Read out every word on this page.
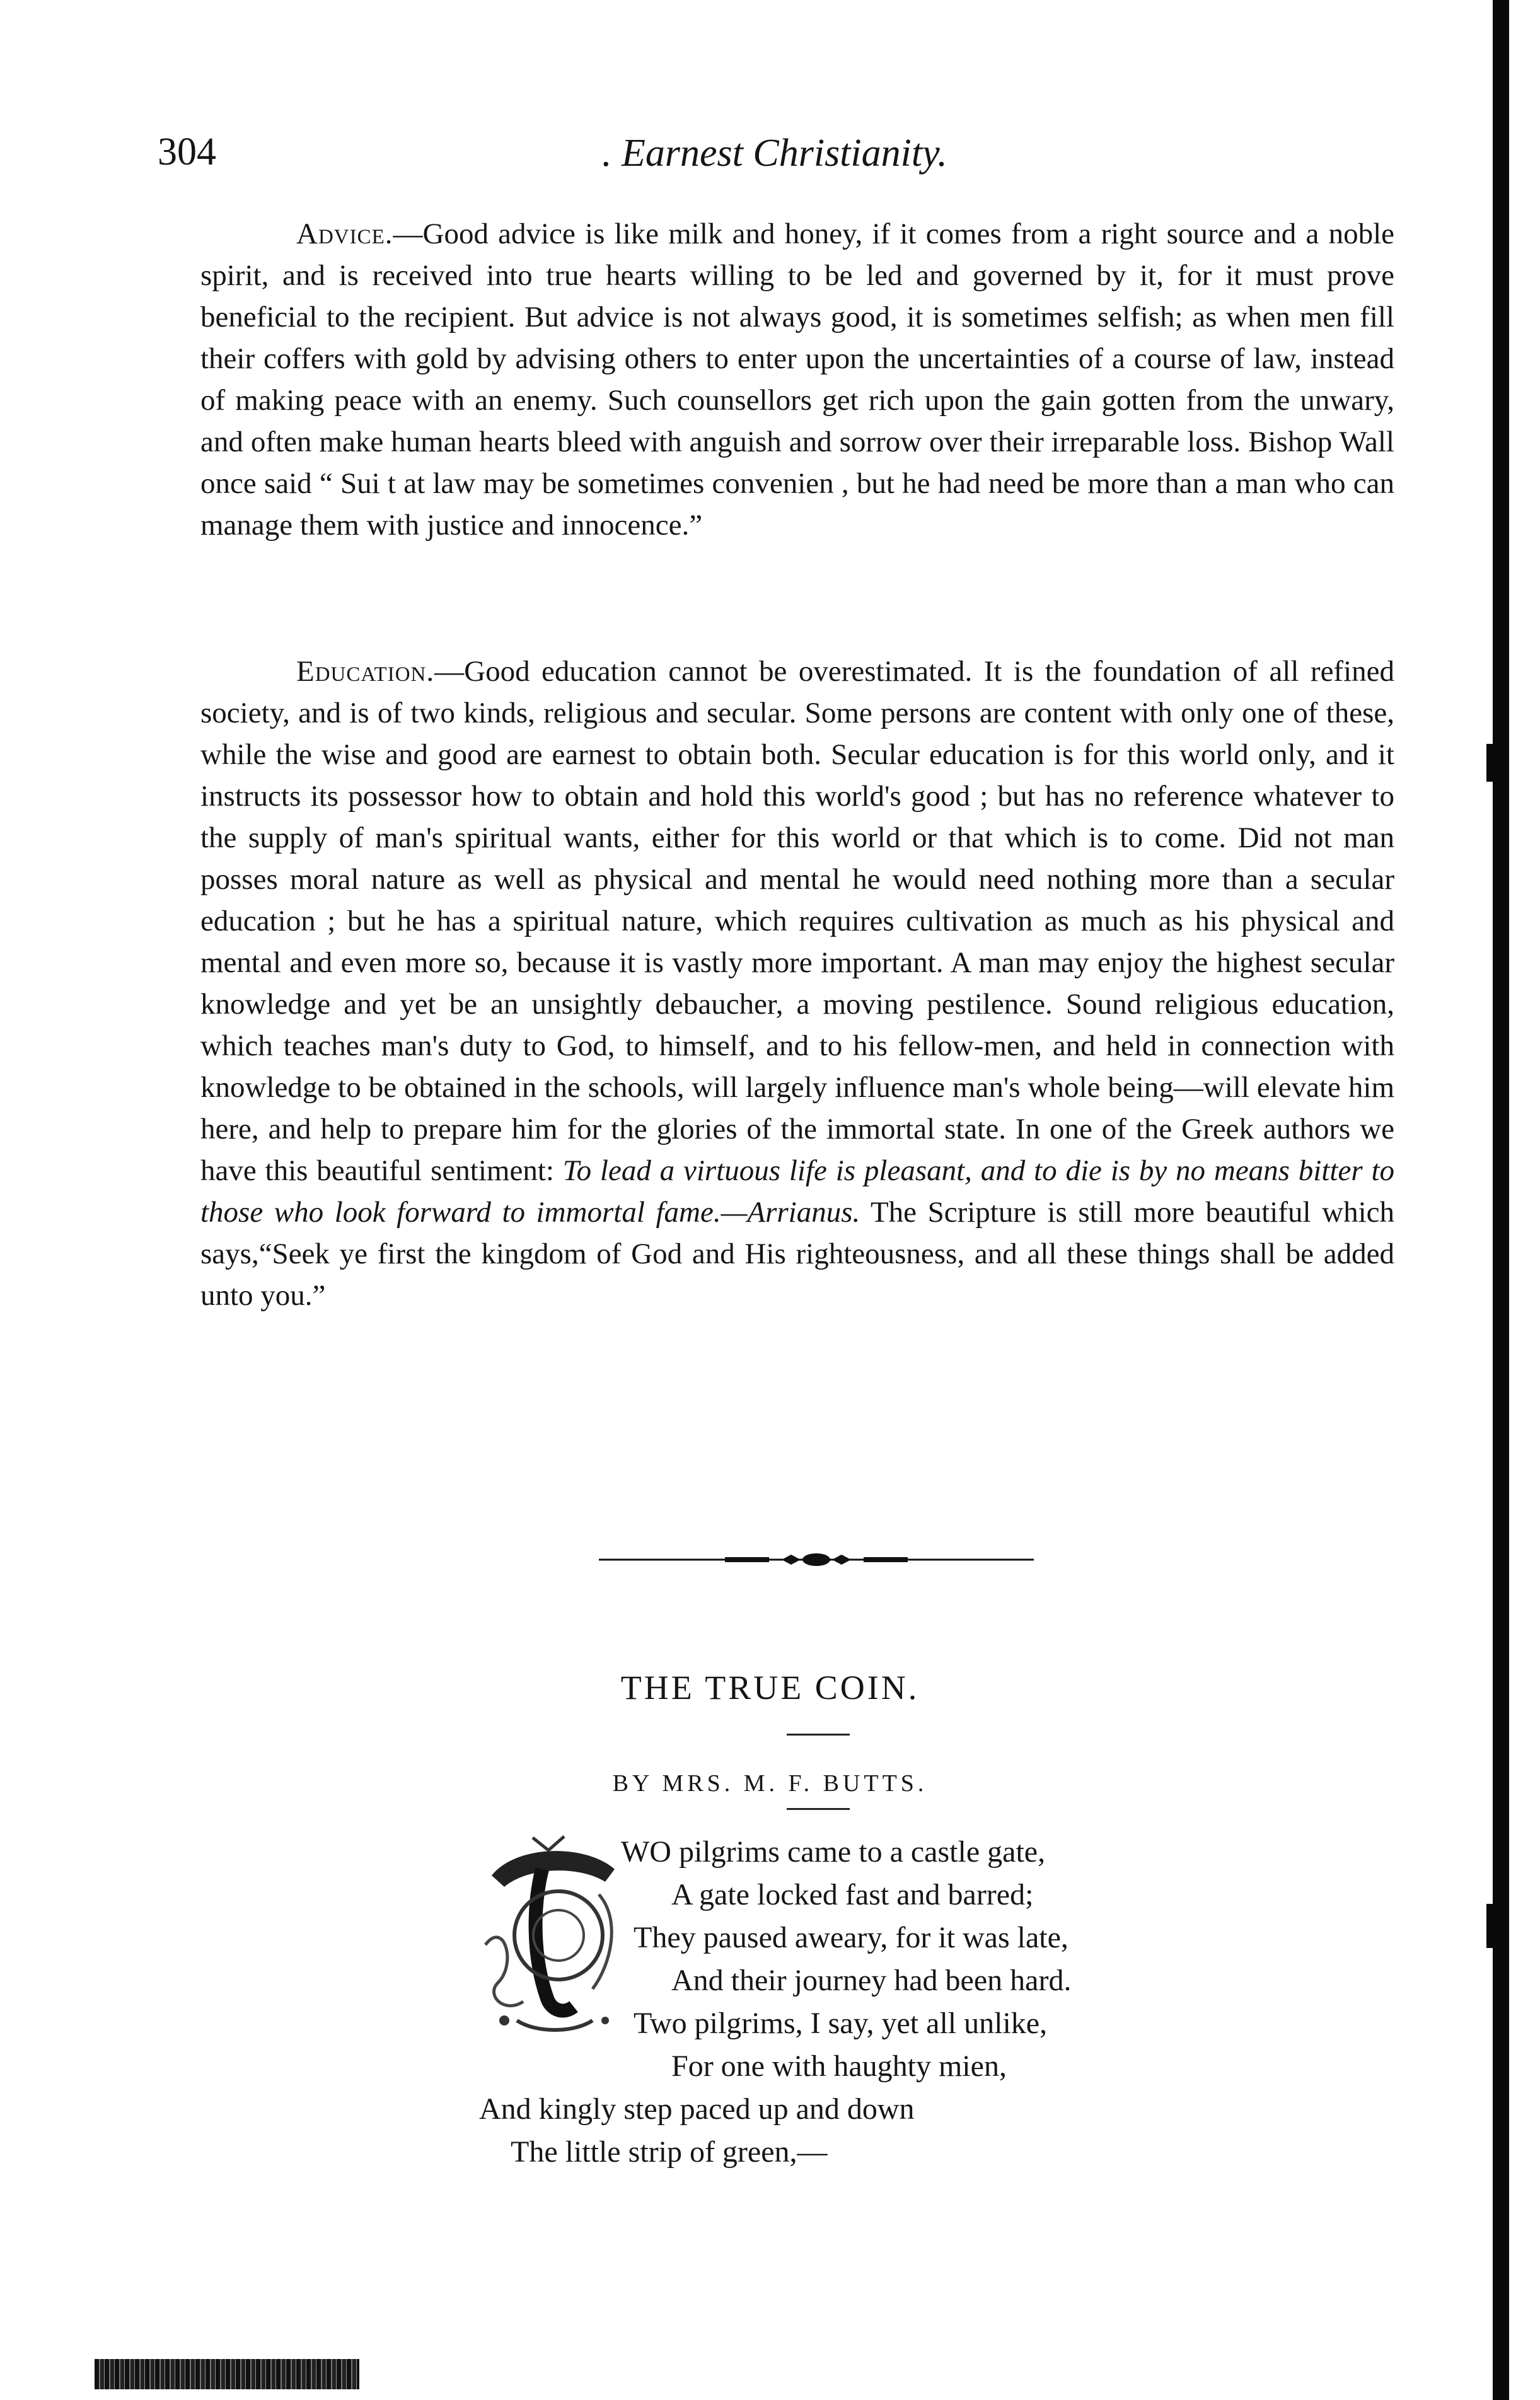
304	. Earnest Christianity.

Advice.—Good advice is like milk and honey, if it comes from a right source and a noble spirit, and is received into true hearts willing to be led and governed by it, for it must prove beneficial to the recipient. But advice is not always good, it is sometimes selfish; as when men fill their coffers with gold by advising others to enter upon the uncertainties of a course of law, instead of making peace with an enemy. Such counsellors get rich upon the gain gotten from the unwary, and often make human hearts bleed with anguish and sorrow over their irreparable loss. Bishop Wall once said “ Sui t at law may be sometimes convenien , but he had need be more than a man who can manage them with justice and innocence.”

Education.—Good education cannot be overestimated. It is the foundation of all refined society, and is of two kinds, religious and secular. Some persons are content with only one of these, while the wise and good are earnest to obtain both. Secular education is for this world only, and it instructs its possessor how to obtain and hold this world's good ; but has no reference whatever to the supply of man's spiritual wants, either for this world or that which is to come. Did not man posses moral nature as well as physical and mental he would need nothing more than a secular education ; but he has a spiritual nature, which requires cultivation as much as his physical and mental and even more so, because it is vastly more important. A man may enjoy the highest secular knowledge and yet be an unsightly debaucher, a moving pestilence. Sound religious education, which teaches man's duty to God, to himself, and to his fellow-men, and held in connection with knowledge to be obtained in the schools, will largely influence man's whole being—will elevate him here, and help to prepare him for the glories of the immortal state. In one of the Greek authors we have this beautiful sentiment: To lead a virtuous life is pleasant, and to die is by no means bitter to those who look forward to immortal fame.—Arrianus. The Scripture is still more beautiful which says,“Seek ye first the kingdom of God and His righteousness, and all these things shall be added unto you.”

THE TRUE COIN.
BY MRS. M. F. BUTTS.
WO pilgrims came to a castle gate,
A gate locked fast and barred;
They paused aweary, for it was late,
And their journey had been hard.
Two pilgrims, I say, yet all unlike,
For one with haughty mien,
And kingly step paced up and down
The little strip of green,—
